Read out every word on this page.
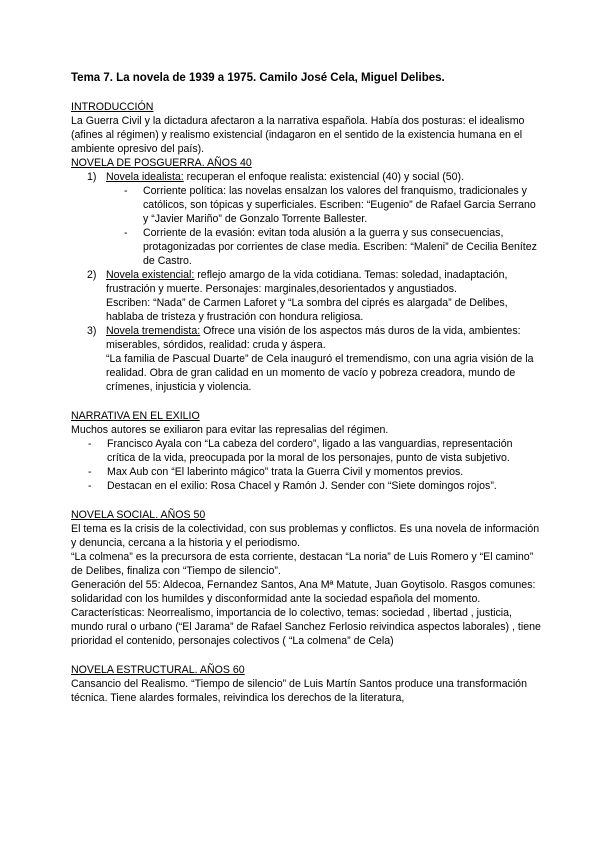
Tema 7. La novela de 1939 a 1975. Camilo José Cela, Miguel Delibes.
INTRODUCCIÓN

La Guerra Civil y la dictadura afectaron a la narrativa española. Había dos posturas: el idealismo (afines al régimen) y realismo existencial (indagaron en el sentido de la existencia humana en el ambiente opresivo del país).

NOVELA DE POSGUERRA. AÑOS 40
1) Novela idealista: recuperan el enfoque realista: existencial (40) y social (50).
- Corriente política: las novelas ensalzan los valores del franquismo, tradicionales y católicos, son tópicas y superficiales. Escriben: “Eugenio” de Rafael Garcia Serrano y “Javier Mariño” de Gonzalo Torrente Ballester.
- Corriente de la evasión: evitan toda alusión a la guerra y sus consecuencias, protagonizadas por corrientes de clase media. Escriben: “Maleni” de Cecilia Benítez de Castro.
2) Novela existencial: reflejo amargo de la vida cotidiana. Temas: soledad, inadaptación, frustración y muerte. Personajes: marginales,desorientados y angustiados.
Escriben: “Nada” de Carmen Laforet y “La sombra del ciprés es alargada” de Delibes, hablaba de tristeza y frustración con hondura religiosa.
3) Novela tremendista: Ofrece una visión de los aspectos más duros de la vida, ambientes: miserables, sórdidos, realidad: cruda y áspera.
“La familia de Pascual Duarte” de Cela inauguró el tremendismo, con una agria visión de la realidad. Obra de gran calidad en un momento de vacío y pobreza creadora, mundo de crímenes, injusticia y violencia.
NARRATIVA EN EL EXILIO

Muchos autores se exiliaron para evitar las represalias del régimen.

- Francisco Ayala con “La cabeza del cordero”, ligado a las vanguardias, representación crítica de la vida, preocupada por la moral de los personajes, punto de vista subjetivo.
- Max Aub con “El laberinto mágico” trata la Guerra Civil y momentos previos.
- Destacan en el exilio: Rosa Chacel y Ramón J. Sender con “Siete domingos rojos”.
NOVELA SOCIAL. AÑOS 50

El tema es la crisis de la colectividad, con sus problemas y conflictos. Es una novela de información y denuncia, cercana a la historia y el periodismo.

“La colmena” es la precursora de esta corriente, destacan “La noria” de Luis Romero y “El camino” de Delibes, finaliza con “Tiempo de silencio”.

Generación del 55: Aldecoa, Fernandez Santos, Ana Mª Matute, Juan Goytisolo. Rasgos comunes: solidaridad con los humildes y disconformidad ante la sociedad española del momento.

Características: Neorrealismo, importancia de lo colectivo, temas: sociedad , libertad , justicia, mundo rural o urbano (“El Jarama” de Rafael Sanchez Ferlosio reivindica aspectos laborales) , tiene prioridad el contenido, personajes colectivos ( “La colmena” de Cela)

NOVELA ESTRUCTURAL. AÑOS 60

Cansancio del Realismo. “Tiempo de silencio” de Luis Martín Santos produce una transformación técnica. Tiene alardes formales, reivindica los derechos de la literatura,
